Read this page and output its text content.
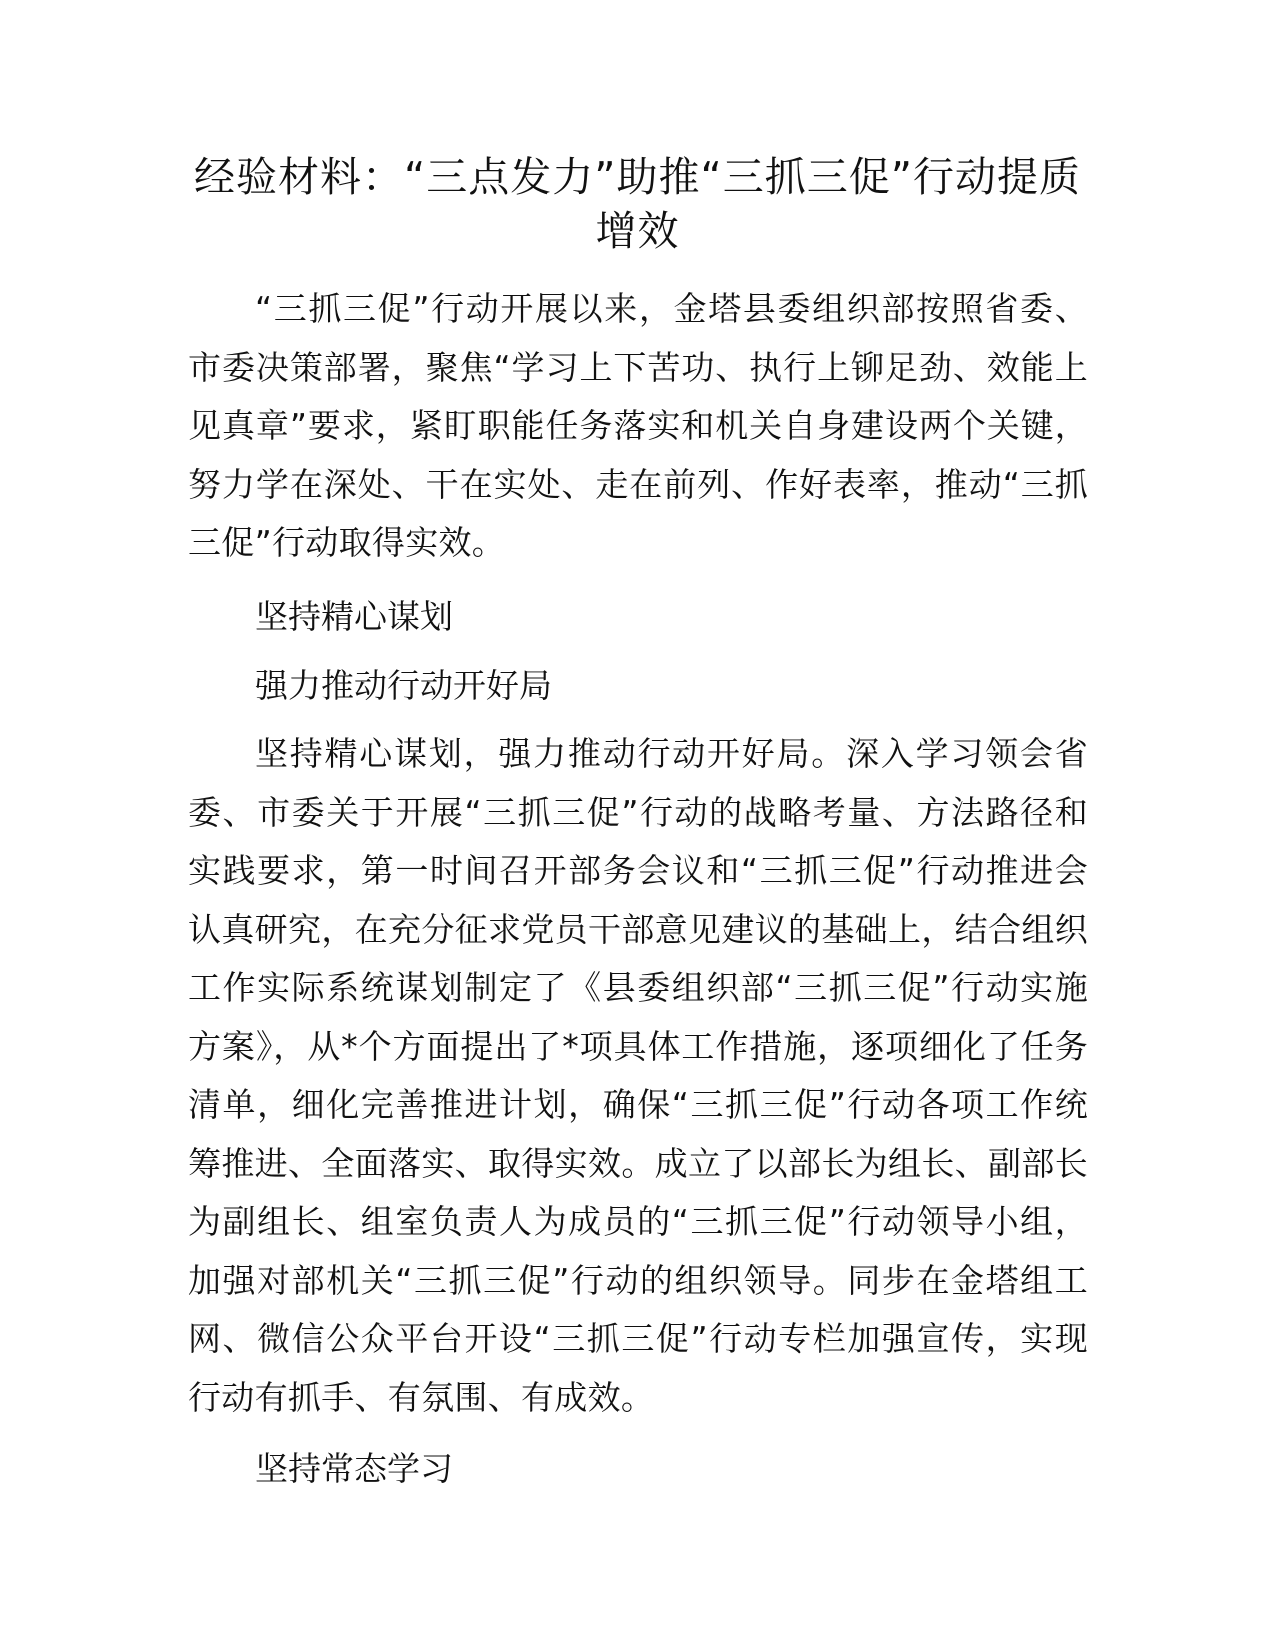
经验材料：“三点发力”助推“三抓三促”行动提质增效

“三抓三促”行动开展以来，金塔县委组织部按照省委、市委决策部署，聚焦“学习上下苦功、执行上铆足劲、效能上见真章”要求，紧盯职能任务落实和机关自身建设两个关键，努力学在深处、干在实处、走在前列、作好表率，推动“三抓三促”行动取得实效。

坚持精心谋划

强力推动行动开好局

坚持精心谋划，强力推动行动开好局。深入学习领会省委、市委关于开展“三抓三促”行动的战略考量、方法路径和实践要求，第一时间召开部务会议和“三抓三促”行动推进会认真研究，在充分征求党员干部意见建议的基础上，结合组织工作实际系统谋划制定了《县委组织部“三抓三促”行动实施方案》，从*个方面提出了*项具体工作措施，逐项细化了任务清单，细化完善推进计划，确保“三抓三促”行动各项工作统筹推进、全面落实、取得实效。成立了以部长为组长、副部长为副组长、组室负责人为成员的“三抓三促”行动领导小组，加强对部机关“三抓三促”行动的组织领导。同步在金塔组工网、微信公众平台开设“三抓三促”行动专栏加强宣传，实现行动有抓手、有氛围、有成效。

坚持常态学习
